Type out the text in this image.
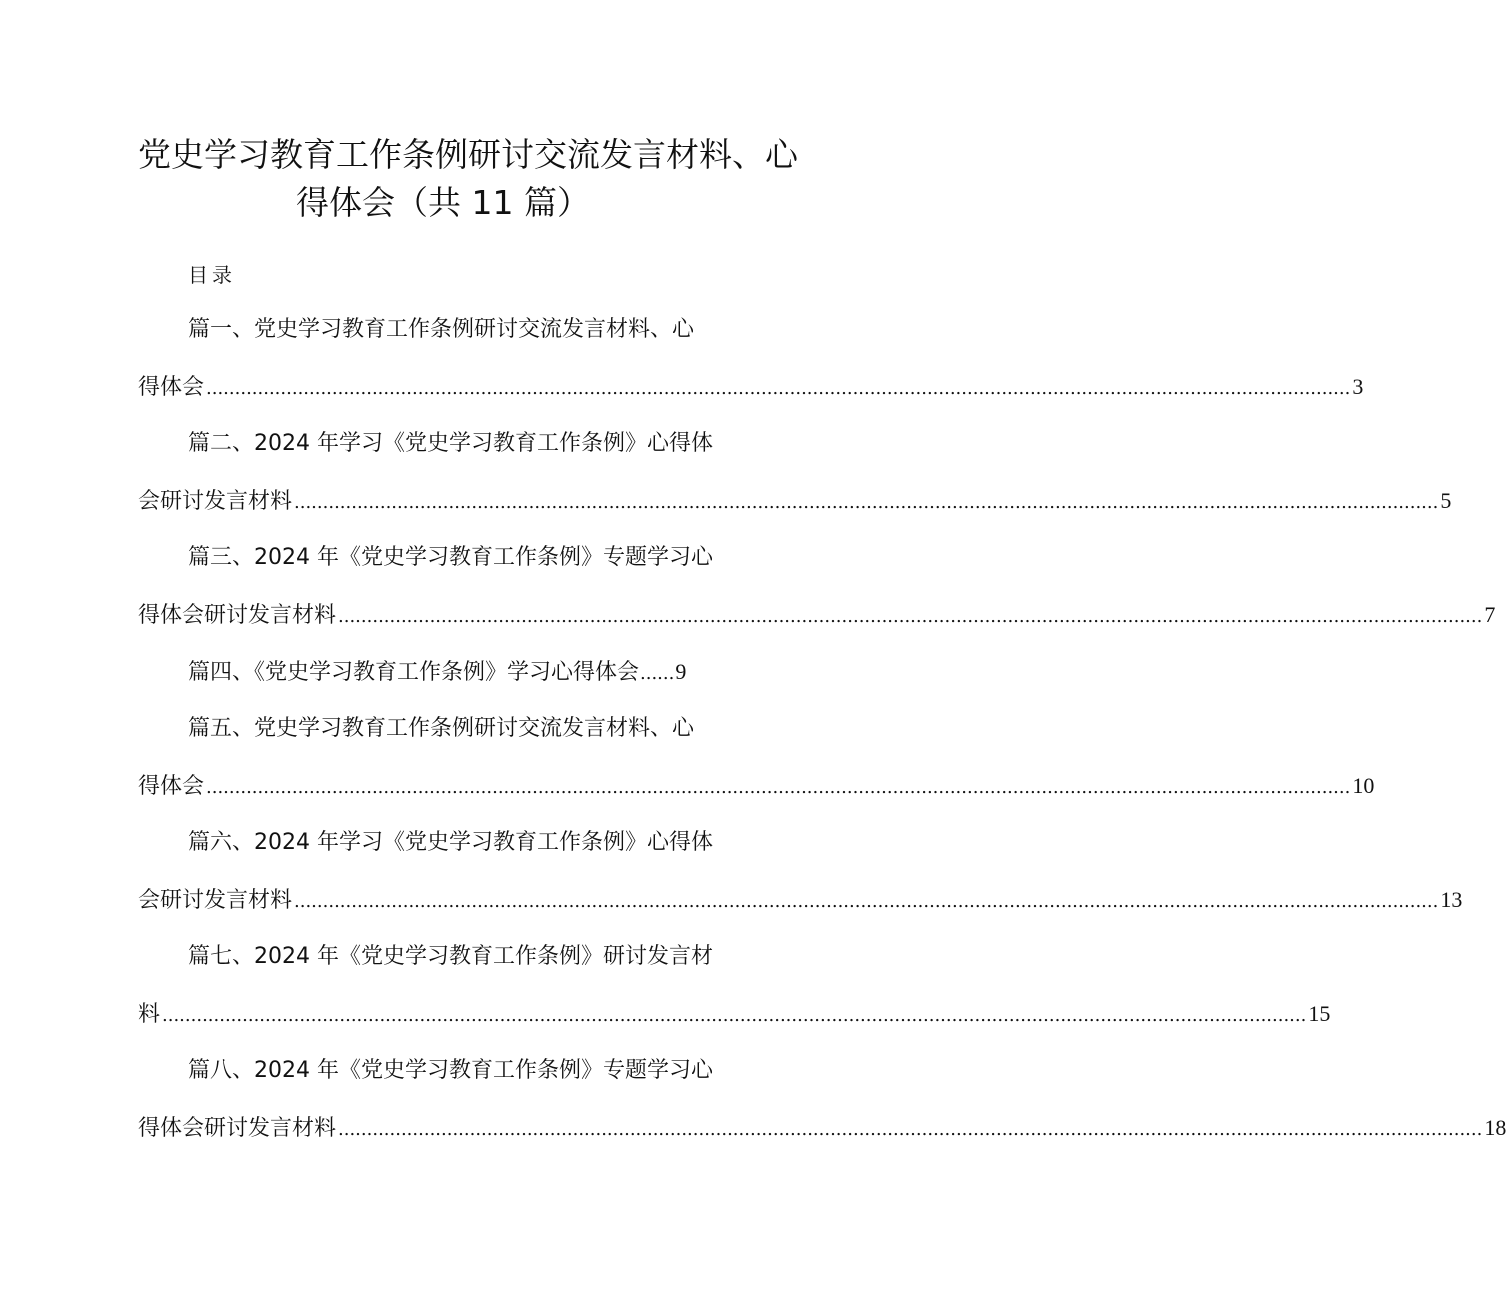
党史学习教育工作条例研讨交流发言材料、心
得体会（共 11 篇）
目录
篇一、党史学习教育工作条例研讨交流发言材料、心
得体会 ........................................................................................................................................................................................................ 3
篇二、2024 年学习《党史学习教育工作条例》心得体
会研讨发言材料 ........................................................................................................................................................................................................ 5
篇三、2024 年《党史学习教育工作条例》专题学习心
得体会研讨发言材料 ........................................................................................................................................................................................................ 7
篇四、《党史学习教育工作条例》学习心得体会 ...... 9
篇五、党史学习教育工作条例研讨交流发言材料、心
得体会 ........................................................................................................................................................................................................ 10
篇六、2024 年学习《党史学习教育工作条例》心得体
会研讨发言材料 ........................................................................................................................................................................................................ 13
篇七、2024 年《党史学习教育工作条例》研讨发言材
料 ........................................................................................................................................................................................................ 15
篇八、2024 年《党史学习教育工作条例》专题学习心
得体会研讨发言材料 ........................................................................................................................................................................................................ 18
